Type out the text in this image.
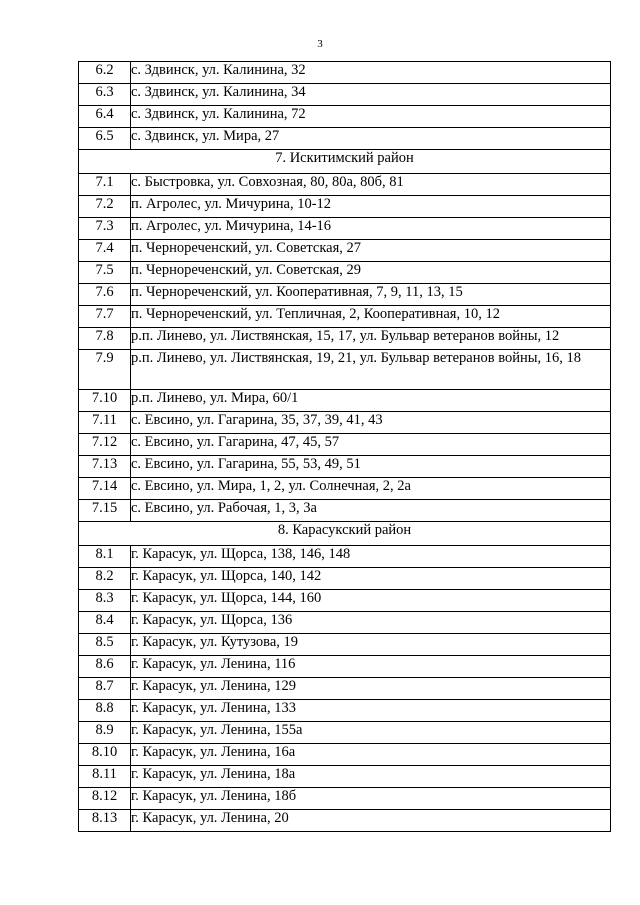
3
6.2	с. Здвинск, ул. Калинина, 32
6.3	с. Здвинск, ул. Калинина, 34
6.4	с. Здвинск, ул. Калинина, 72
6.5	с. Здвинск, ул. Мира, 27
7. Искитимский район	
7.1	с. Быстровка, ул. Совхозная, 80, 80а, 80б, 81
7.2	п. Агролес, ул. Мичурина, 10-12
7.3	п. Агролес, ул. Мичурина, 14-16
7.4	п. Чернореченский, ул. Советская, 27
7.5	п. Чернореченский, ул. Советская, 29
7.6	п. Чернореченский, ул. Кооперативная, 7, 9, 11, 13, 15
7.7	п. Чернореченский, ул. Тепличная, 2, Кооперативная, 10, 12
7.8	р.п. Линево, ул. Листвянская, 15, 17, ул. Бульвар ветеранов войны, 12
7.9	р.п. Линево, ул. Листвянская, 19, 21, ул. Бульвар ветеранов войны, 16, 18
7.10	р.п. Линево, ул. Мира, 60/1
7.11	с. Евсино, ул. Гагарина, 35, 37, 39, 41, 43
7.12	с. Евсино, ул. Гагарина, 47, 45, 57
7.13	с. Евсино, ул. Гагарина, 55, 53, 49, 51
7.14	с. Евсино, ул. Мира, 1, 2, ул. Солнечная, 2, 2а
7.15	с. Евсино, ул. Рабочая, 1, 3, 3а
8. Карасукский район	
8.1	г. Карасук, ул. Щорса, 138, 146, 148
8.2	г. Карасук, ул. Щорса, 140, 142
8.3	г. Карасук, ул. Щорса, 144, 160
8.4	г. Карасук, ул. Щорса, 136
8.5	г. Карасук, ул. Кутузова, 19
8.6	г. Карасук, ул. Ленина, 116
8.7	г. Карасук, ул. Ленина, 129
8.8	г. Карасук, ул. Ленина, 133
8.9	г. Карасук, ул. Ленина, 155а
8.10	г. Карасук, ул. Ленина, 16а
8.11	г. Карасук, ул. Ленина, 18а
8.12	г. Карасук, ул. Ленина, 18б
8.13	г. Карасук, ул. Ленина, 20
